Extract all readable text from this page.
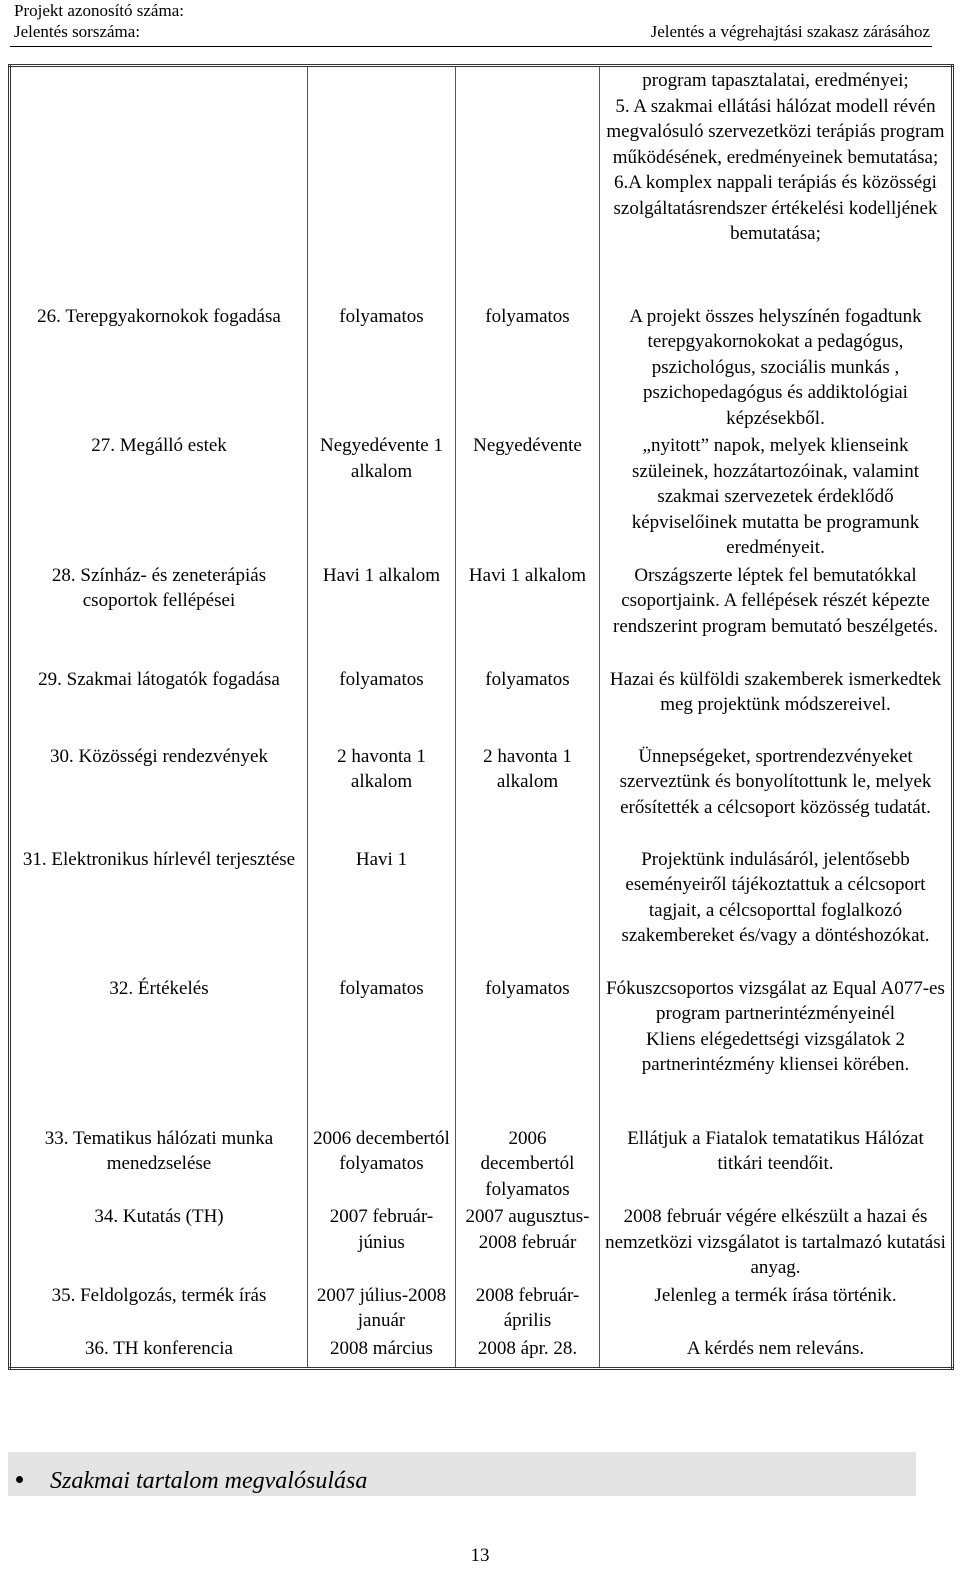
Projekt azonosító száma:
Jelentés sorszáma:	Jelentés a végrehajtási szakasz zárásához
			program tapasztalatai, eredményei;
5. A szakmai ellátási hálózat modell révén megvalósuló szervezetközi terápiás program működésének, eredményeinek bemutatása;
6.A komplex nappali terápiás és közösségi szolgáltatásrendszer értékelési kodelljének bemutatása;
26. Terepgyakornokok fogadása	folyamatos	folyamatos	A projekt összes helyszínén fogadtunk terepgyakornokokat a pedagógus, pszichológus, szociális munkás , pszichopedagógus és addiktológiai képzésekből.
27. Megálló estek	Negyedévente 1 alkalom	Negyedévente	„nyitott” napok, melyek klienseink szüleinek, hozzátartozóinak, valamint szakmai szervezetek érdeklődő képviselőinek mutatta be programunk eredményeit.
28. Színház- és zeneterápiás csoportok fellépései	Havi 1 alkalom	Havi 1 alkalom	Országszerte léptek fel bemutatókkal csoportjaink. A fellépések részét képezte rendszerint program bemutató beszélgetés.
29. Szakmai látogatók fogadása	folyamatos	folyamatos	Hazai és külföldi szakemberek ismerkedtek meg projektünk módszereivel.
30. Közösségi rendezvények	2 havonta 1 alkalom	2 havonta 1 alkalom	Ünnepségeket, sportrendezvényeket szerveztünk és bonyolítottunk le, melyek erősítették a célcsoport közösség tudatát.
31. Elektronikus hírlevél terjesztése	Havi 1		Projektünk indulásáról, jelentősebb eseményeiről tájékoztattuk a célcsoport tagjait, a célcsoporttal foglalkozó szakembereket és/vagy a döntéshozókat.
32. Értékelés	folyamatos	folyamatos	Fókuszcsoportos vizsgálat az Equal A077-es program partnerintézményeinél
Kliens elégedettségi vizsgálatok 2 partnerintézmény kliensei körében.
33. Tematikus hálózati munka menedzselése	2006 decembertól folyamatos	2006 decembertól folyamatos	Ellátjuk a Fiatalok tematatikus Hálózat titkári teendőit.
34. Kutatás (TH)	2007 február-június	2007 augusztus-2008 február	2008 február végére elkészült a hazai és nemzetközi vizsgálatot is tartalmazó kutatási anyag.
35. Feldolgozás, termék írás	2007 július-2008 január	2008 február-április	Jelenleg a termék írása történik.
36. TH konferencia	2008 március	2008 ápr. 28.	A kérdés nem releváns.
Szakmai tartalom megvalósulása
13
